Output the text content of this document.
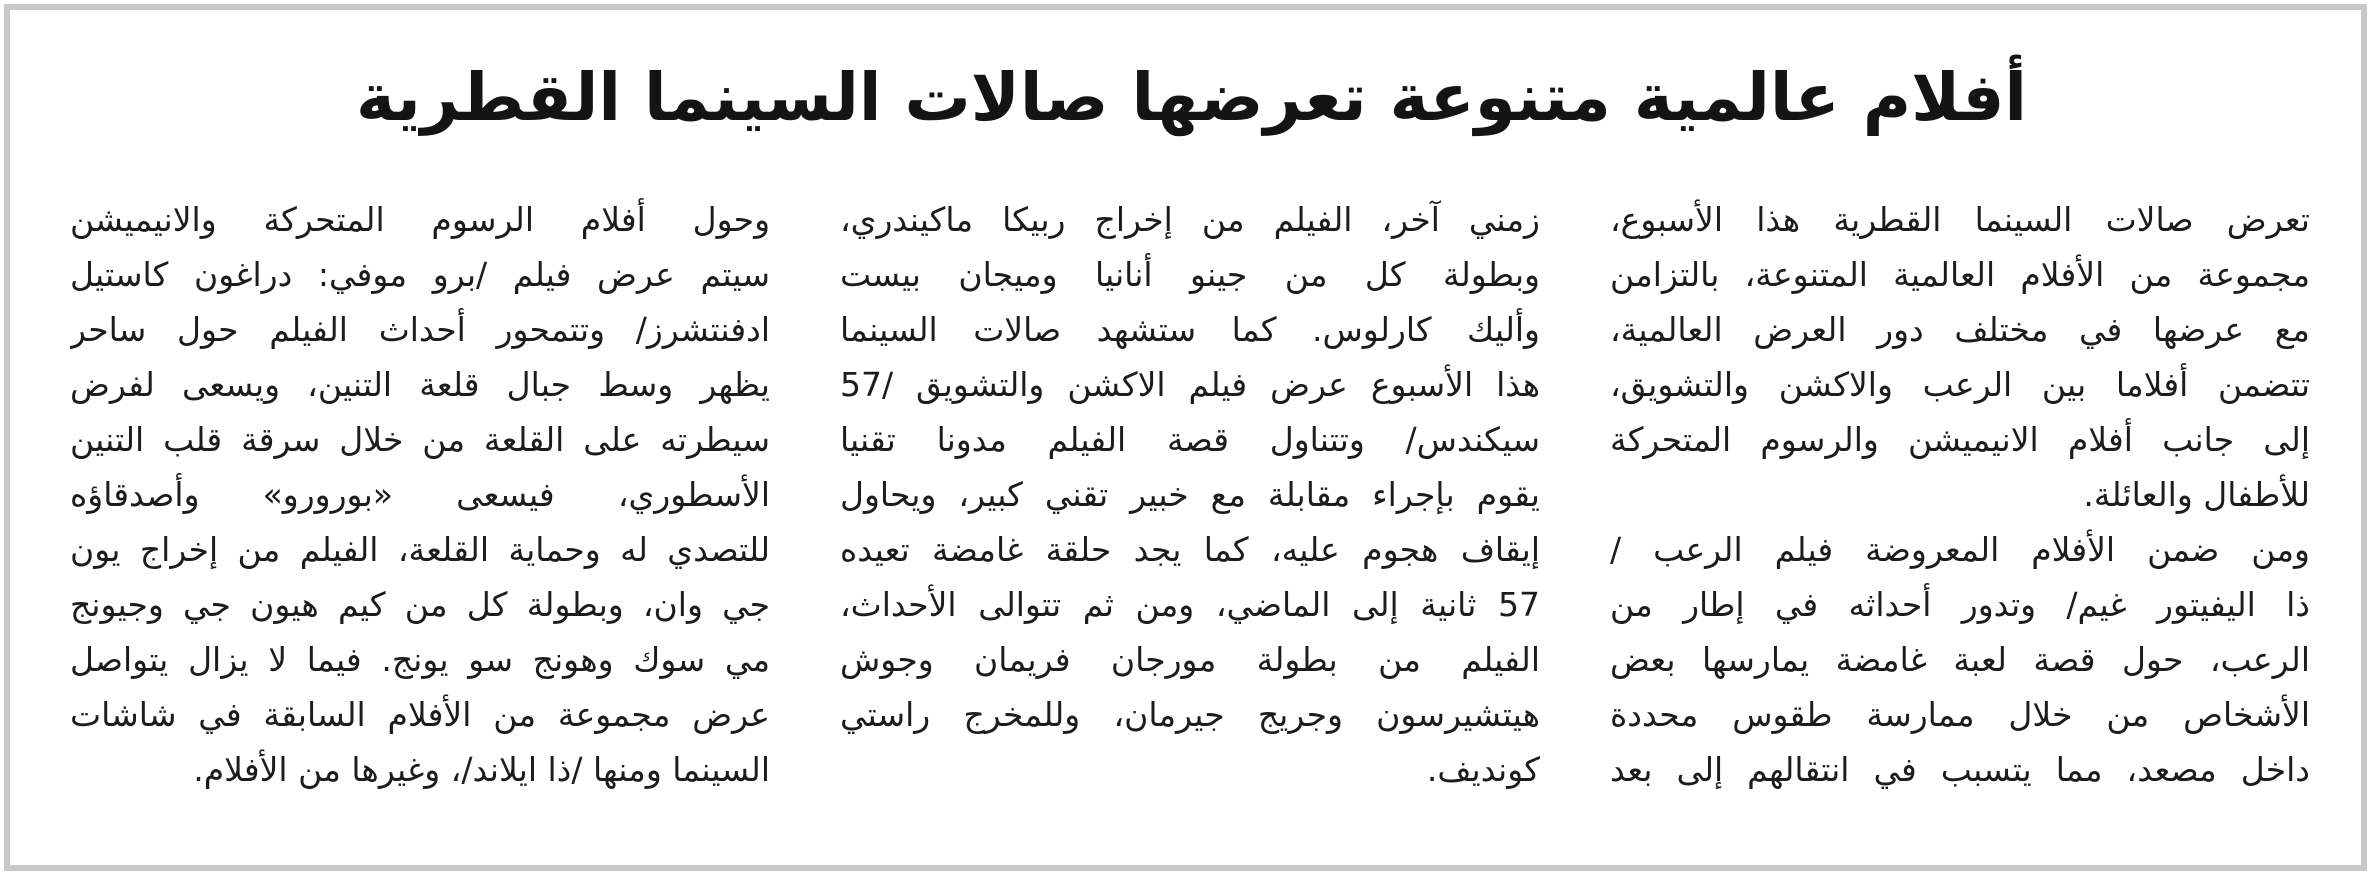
أفلام عالمية متنوعة تعرضها صالات السينما القطرية
تعرض صالات السينما القطرية هذا الأسبوع،
مجموعة من الأفلام العالمية المتنوعة، بالتزامن
مع عرضها في مختلف دور العرض العالمية،
تتضمن أفلاما بين الرعب والاكشن والتشويق،
إلى جانب أفلام الانيميشن والرسوم المتحركة
للأطفال والعائلة.
ومن ضمن الأفلام المعروضة فيلم الرعب /
ذا اليفيتور غيم/ وتدور أحداثه في إطار من
الرعب، حول قصة لعبة غامضة يمارسها بعض
الأشخاص من خلال ممارسة طقوس محددة
داخل مصعد، مما يتسبب في انتقالهم إلى بعد
زمني آخر، الفيلم من إخراج ربيكا ماكيندري،
وبطولة كل من جينو أنانيا وميجان بيست
وأليك كارلوس. كما ستشهد صالات السينما
هذا الأسبوع عرض فيلم الاكشن والتشويق /57
سيكندس/ وتتناول قصة الفيلم مدونا تقنيا
يقوم بإجراء مقابلة مع خبير تقني كبير، ويحاول
إيقاف هجوم عليه، كما يجد حلقة غامضة تعيده
57 ثانية إلى الماضي، ومن ثم تتوالى الأحداث،
الفيلم من بطولة مورجان فريمان وجوش
هيتشيرسون وجريج جيرمان، وللمخرج راستي
كونديف.
وحول أفلام الرسوم المتحركة والانيميشن
سيتم عرض فيلم /برو موفي: دراغون كاستيل
ادفنتشرز/ وتتمحور أحداث الفيلم حول ساحر
يظهر وسط جبال قلعة التنين، ويسعى لفرض
سيطرته على القلعة من خلال سرقة قلب التنين
الأسطوري، فيسعى «بورورو» وأصدقاؤه
للتصدي له وحماية القلعة، الفيلم من إخراج يون
جي وان، وبطولة كل من كيم هيون جي وجيونج
مي سوك وهونج سو يونج. فيما لا يزال يتواصل
عرض مجموعة من الأفلام السابقة في شاشات
السينما ومنها /ذا ايلاند/، وغيرها من الأفلام.
